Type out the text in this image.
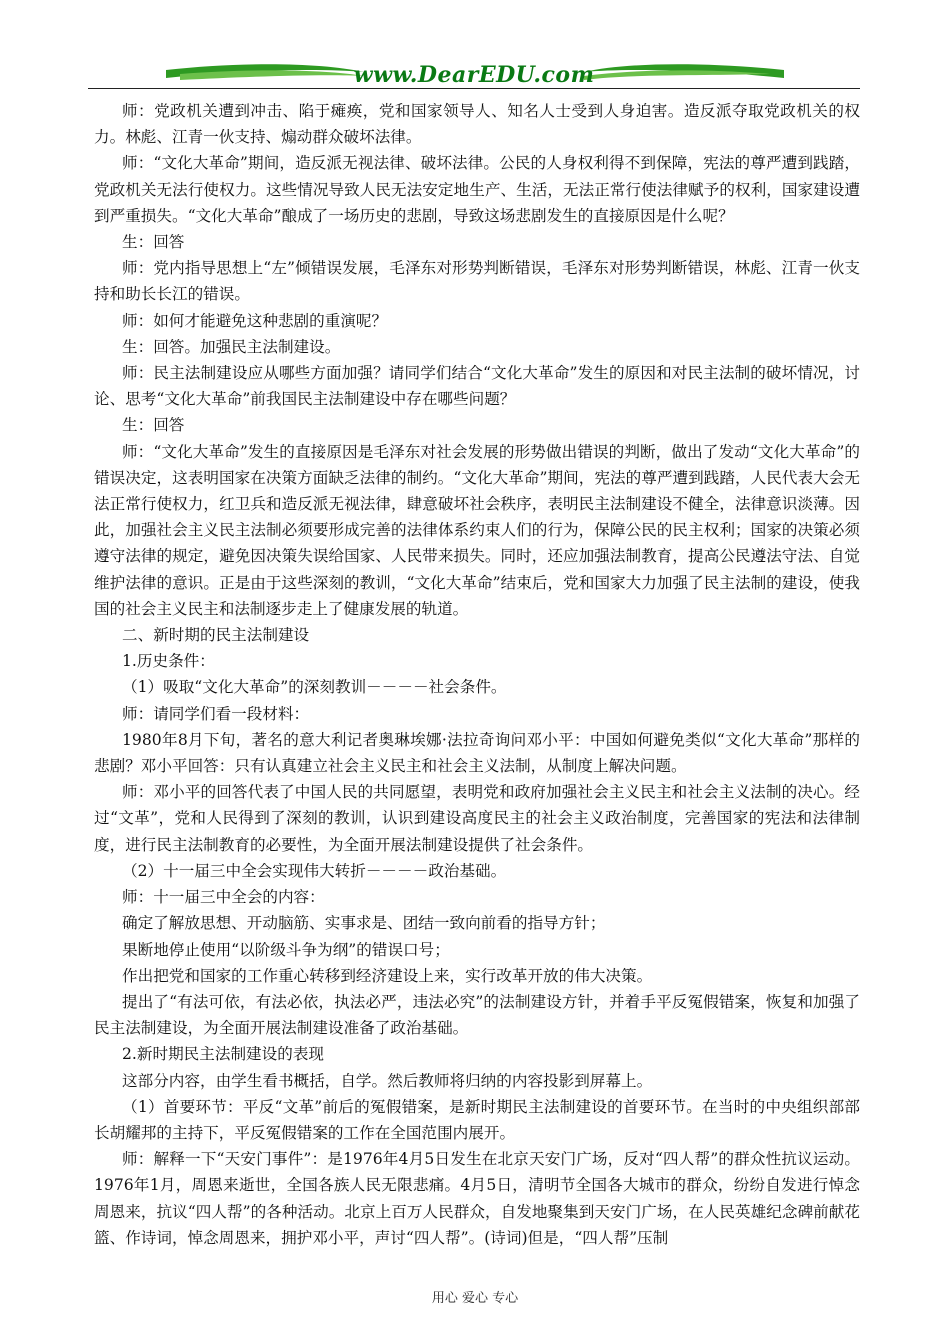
www.DearEDU.com

师：党政机关遭到冲击、陷于瘫痪，党和国家领导人、知名人士受到人身迫害。造反派夺取党政机关的权力。林彪、江青一伙支持、煽动群众破坏法律。

师：“文化大革命”期间，造反派无视法律、破坏法律。公民的人身权利得不到保障，宪法的尊严遭到践踏，党政机关无法行使权力。这些情况导致人民无法安定地生产、生活，无法正常行使法律赋予的权利，国家建设遭到严重损失。“文化大革命”酿成了一场历史的悲剧，导致这场悲剧发生的直接原因是什么呢？

生：回答

师：党内指导思想上“左”倾错误发展，毛泽东对形势判断错误，毛泽东对形势判断错误，林彪、江青一伙支持和助长长江的错误。

师：如何才能避免这种悲剧的重演呢？

生：回答。加强民主法制建设。

师：民主法制建设应从哪些方面加强？请同学们结合“文化大革命”发生的原因和对民主法制的破坏情况，讨论、思考“文化大革命”前我国民主法制建设中存在哪些问题？

生：回答

师：“文化大革命”发生的直接原因是毛泽东对社会发展的形势做出错误的判断，做出了发动“文化大革命”的错误决定，这表明国家在决策方面缺乏法律的制约。“文化大革命”期间，宪法的尊严遭到践踏，人民代表大会无法正常行使权力，红卫兵和造反派无视法律，肆意破坏社会秩序，表明民主法制建设不健全，法律意识淡薄。因此，加强社会主义民主法制必须要形成完善的法律体系约束人们的行为，保障公民的民主权利；国家的决策必须遵守法律的规定，避免因决策失误给国家、人民带来损失。同时，还应加强法制教育，提高公民遵法守法、自觉维护法律的意识。正是由于这些深刻的教训，“文化大革命”结束后，党和国家大力加强了民主法制的建设，使我国的社会主义民主和法制逐步走上了健康发展的轨道。

二、新时期的民主法制建设

1.历史条件：

（1）吸取“文化大革命”的深刻教训－－－－社会条件。

师：请同学们看一段材料：

1980年8月下旬，著名的意大利记者奥琳埃娜·法拉奇询问邓小平：中国如何避免类似“文化大革命”那样的悲剧？邓小平回答：只有认真建立社会主义民主和社会主义法制，从制度上解决问题。

师：邓小平的回答代表了中国人民的共同愿望，表明党和政府加强社会主义民主和社会主义法制的决心。经过“文革”，党和人民得到了深刻的教训，认识到建设高度民主的社会主义政治制度，完善国家的宪法和法律制度，进行民主法制教育的必要性，为全面开展法制建设提供了社会条件。

（2）十一届三中全会实现伟大转折－－－－政治基础。

师：十一届三中全会的内容：

确定了解放思想、开动脑筋、实事求是、团结一致向前看的指导方针；

果断地停止使用“以阶级斗争为纲”的错误口号；

作出把党和国家的工作重心转移到经济建设上来，实行改革开放的伟大决策。

提出了“有法可依，有法必依，执法必严，违法必究”的法制建设方针，并着手平反冤假错案，恢复和加强了民主法制建设，为全面开展法制建设准备了政治基础。

2.新时期民主法制建设的表现

这部分内容，由学生看书概括，自学。然后教师将归纳的内容投影到屏幕上。

（1）首要环节：平反“文革”前后的冤假错案，是新时期民主法制建设的首要环节。在当时的中央组织部部长胡耀邦的主持下，平反冤假错案的工作在全国范围内展开。

师：解释一下“天安门事件”：是1976年4月5日发生在北京天安门广场，反对“四人帮”的群众性抗议运动。1976年1月，周恩来逝世，全国各族人民无限悲痛。4月5日，清明节全国各大城市的群众，纷纷自发进行悼念周恩来，抗议“四人帮”的各种活动。北京上百万人民群众，自发地聚集到天安门广场，在人民英雄纪念碑前献花篮、作诗词，悼念周恩来，拥护邓小平，声讨“四人帮”。(诗词)但是，“四人帮”压制

用心 爱心 专心
